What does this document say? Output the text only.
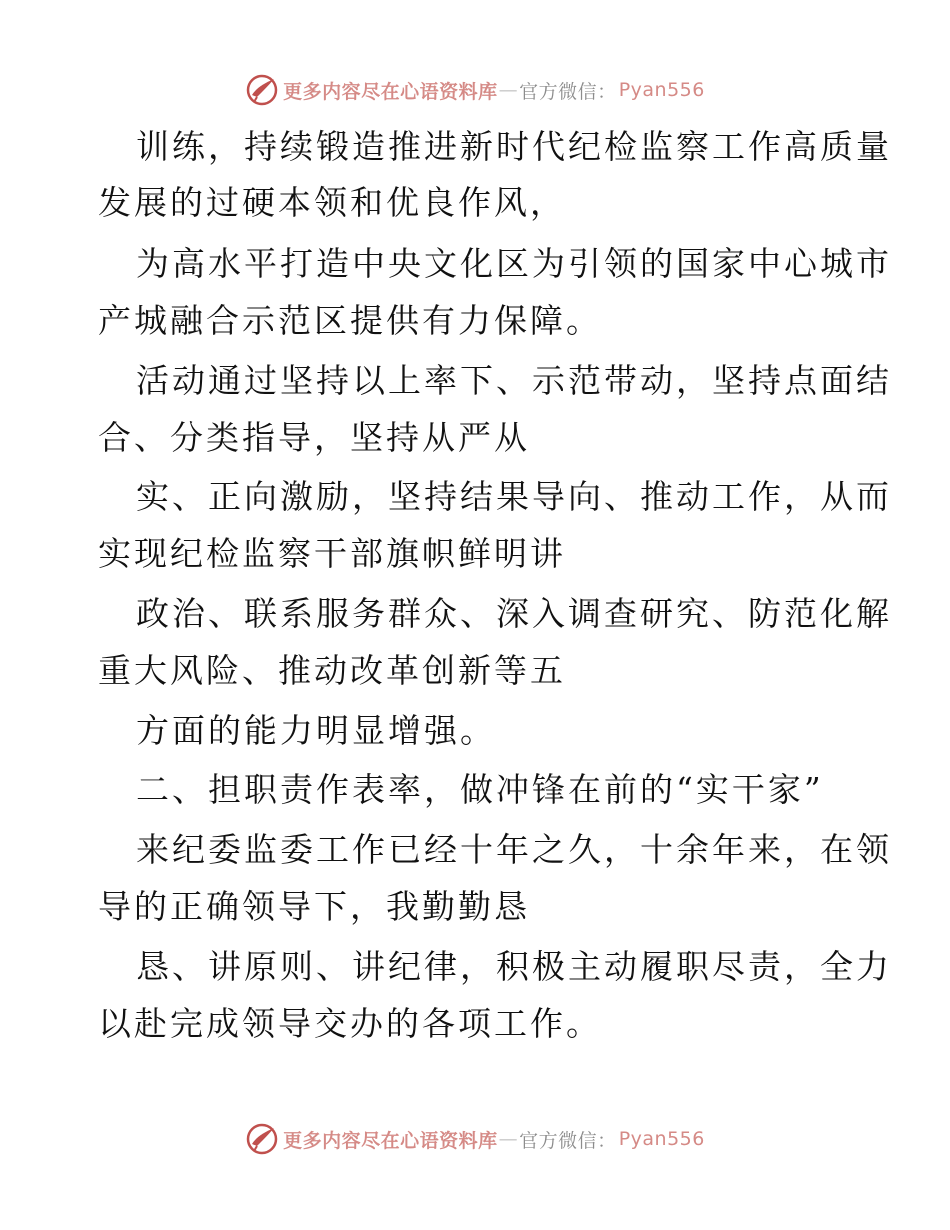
更多内容尽在心语资料库 — 官方微信： Pyan556
训练，持续锻造推进新时代纪检监察工作高质量
发展的过硬本领和优良作风，
为高水平打造中央文化区为引领的国家中心城市
产城融合示范区提供有力保障。
活动通过坚持以上率下、示范带动，坚持点面结
合、分类指导，坚持从严从
实、正向激励，坚持结果导向、推动工作，从而
实现纪检监察干部旗帜鲜明讲
政治、联系服务群众、深入调查研究、防范化解
重大风险、推动改革创新等五
方面的能力明显增强。
二、担职责作表率，做冲锋在前的“实干家”
来纪委监委工作已经十年之久，十余年来，在领
导的正确领导下，我勤勤恳
恳、讲原则、讲纪律，积极主动履职尽责，全力
以赴完成领导交办的各项工作。
更多内容尽在心语资料库 — 官方微信： Pyan556
